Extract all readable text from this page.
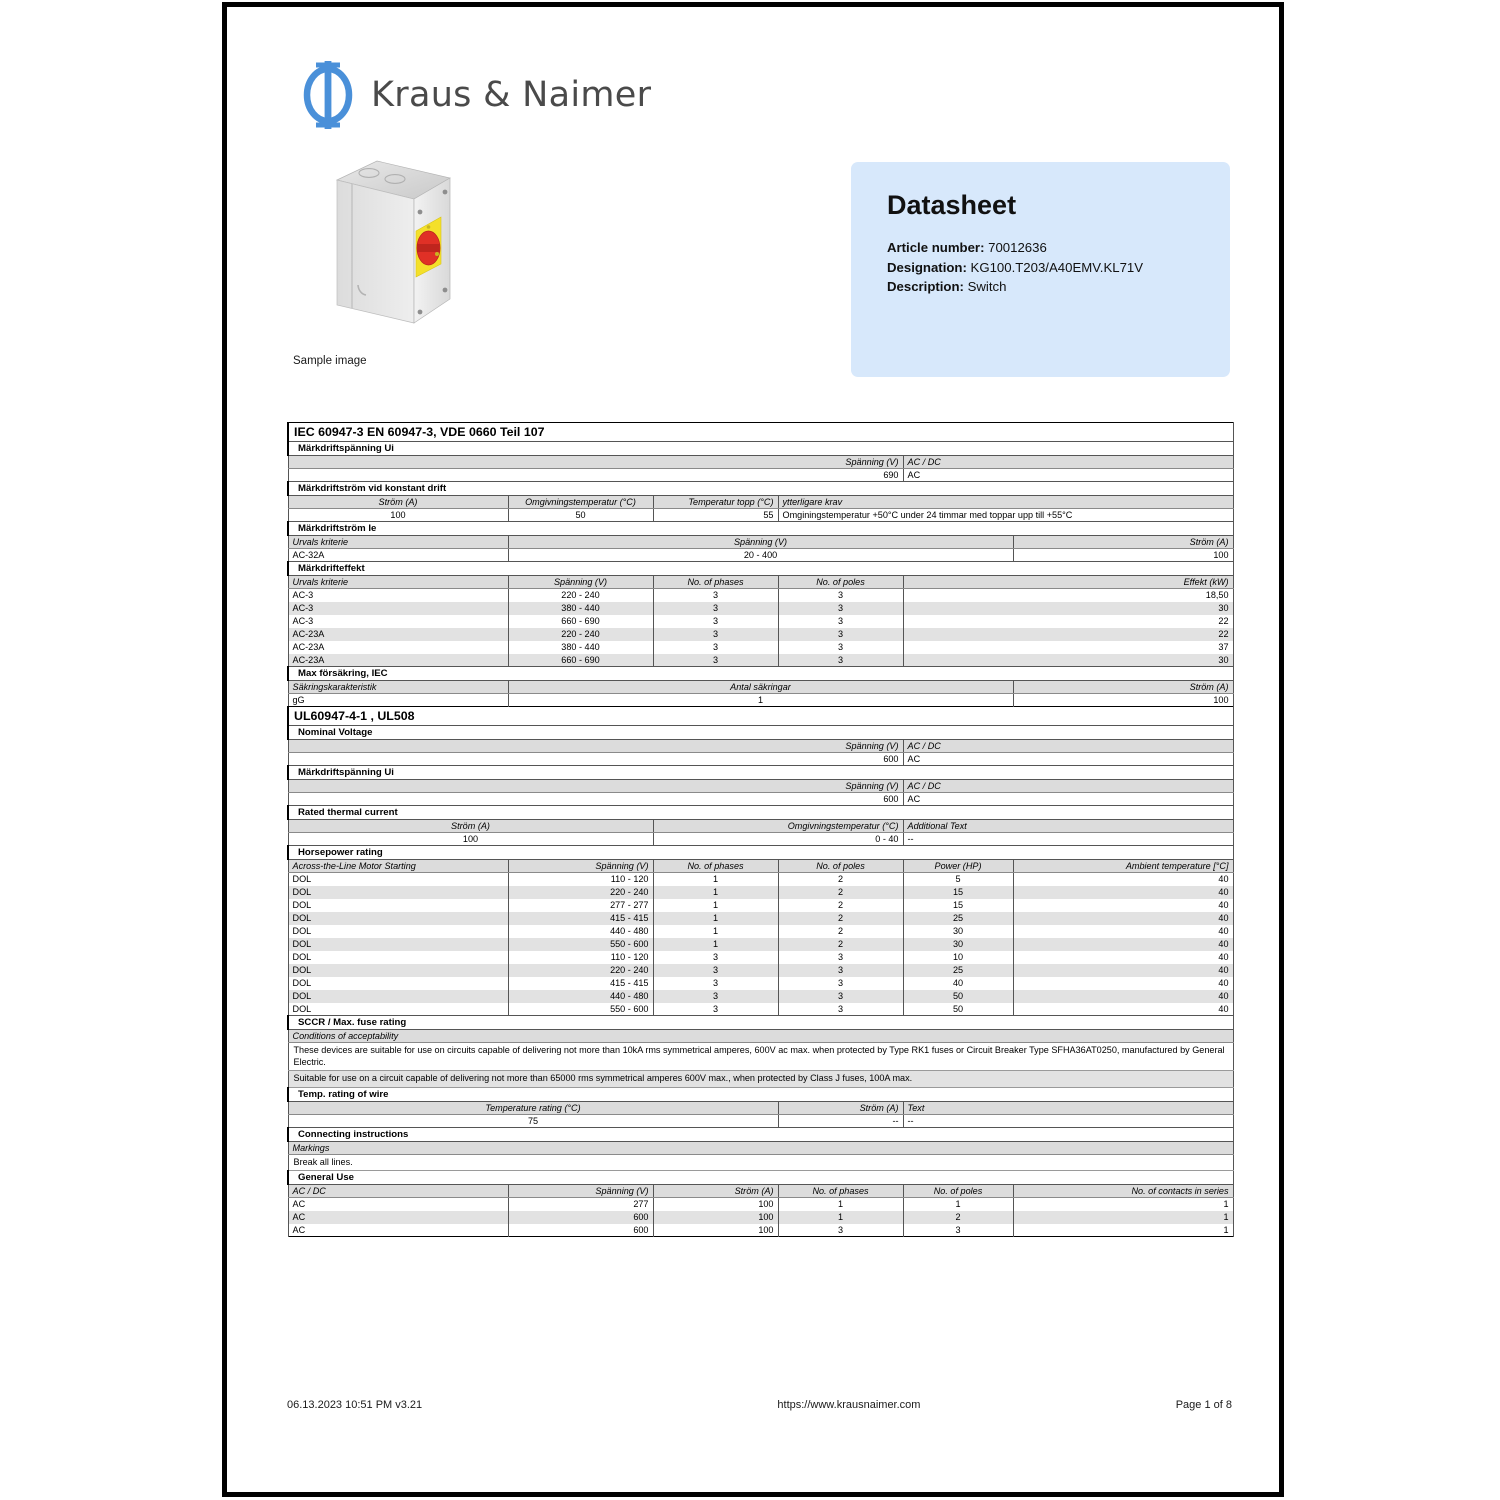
Kraus & Naimer
Sample image
Datasheet
Article number: 70012636
Designation: KG100.T203/A40EMV.KL71V
Description: Switch
IEC 60947-3 EN 60947-3, VDE 0660 Teil 107					
Märkdriftspänning Ui					
Spänning (V)				AC / DC	
690				AC	
Märkdriftström vid konstant drift					
Ström (A)	Omgivningstemperatur (°C)	Temperatur topp (°C)	ytterligare krav		
100	50	55	Omginingstemperatur +50°C under 24 timmar med toppar upp till +55°C		
Märkdriftström Ie					
Urvals kriterie	Spänning (V)				Ström (A)
AC-32A	20 - 400				100
Märkdrifteffekt					
Urvals kriterie	Spänning (V)	No. of phases	No. of poles	Effekt (kW)	
AC-3	220 - 240	3	3	18,50	
AC-3	380 - 440	3	3	30	
AC-3	660 - 690	3	3	22	
AC-23A	220 - 240	3	3	22	
AC-23A	380 - 440	3	3	37	
AC-23A	660 - 690	3	3	30	
Max försäkring, IEC					
Säkringskarakteristik	Antal säkringar				Ström (A)
gG	1				100
UL60947-4-1 , UL508					
Nominal Voltage					
Spänning (V)				AC / DC	
600				AC	
Märkdriftspänning Ui					
Spänning (V)				AC / DC	
600				AC	
Rated thermal current					
Ström (A)		Omgivningstemperatur (°C)		Additional Text	
100		0 - 40		--	
Horsepower rating					
Across-the-Line Motor Starting	Spänning (V)	No. of phases	No. of poles	Power (HP)	Ambient temperature [°C]
DOL	110 - 120	1	2	5	40
DOL	220 - 240	1	2	15	40
DOL	277 - 277	1	2	15	40
DOL	415 - 415	1	2	25	40
DOL	440 - 480	1	2	30	40
DOL	550 - 600	1	2	30	40
DOL	110 - 120	3	3	10	40
DOL	220 - 240	3	3	25	40
DOL	415 - 415	3	3	40	40
DOL	440 - 480	3	3	50	40
DOL	550 - 600	3	3	50	40
SCCR / Max. fuse rating					
Conditions of acceptability					
These devices are suitable for use on circuits capable of delivering not more than 10kA rms symmetrical amperes, 600V ac max. when protected by Type RK1 fuses or Circuit Breaker Type SFHA36AT0250, manufactured by General Electric.					
Suitable for use on a circuit capable of delivering not more than 65000 rms symmetrical amperes 600V max., when protected by Class J fuses, 100A max.					
Temp. rating of wire					
Temperature rating (°C)			Ström (A)	Text	
75			--	--	
Connecting instructions					
Markings					
Break all lines.					
General Use					
AC / DC	Spänning (V)	Ström (A)	No. of phases	No. of poles	No. of contacts in series
AC	277	100	1	1	1
AC	600	100	1	2	1
AC	600	100	3	3	1

06.13.2023 10:51 PM v3.21	https://www.krausnaimer.com	Page 1 of 8
